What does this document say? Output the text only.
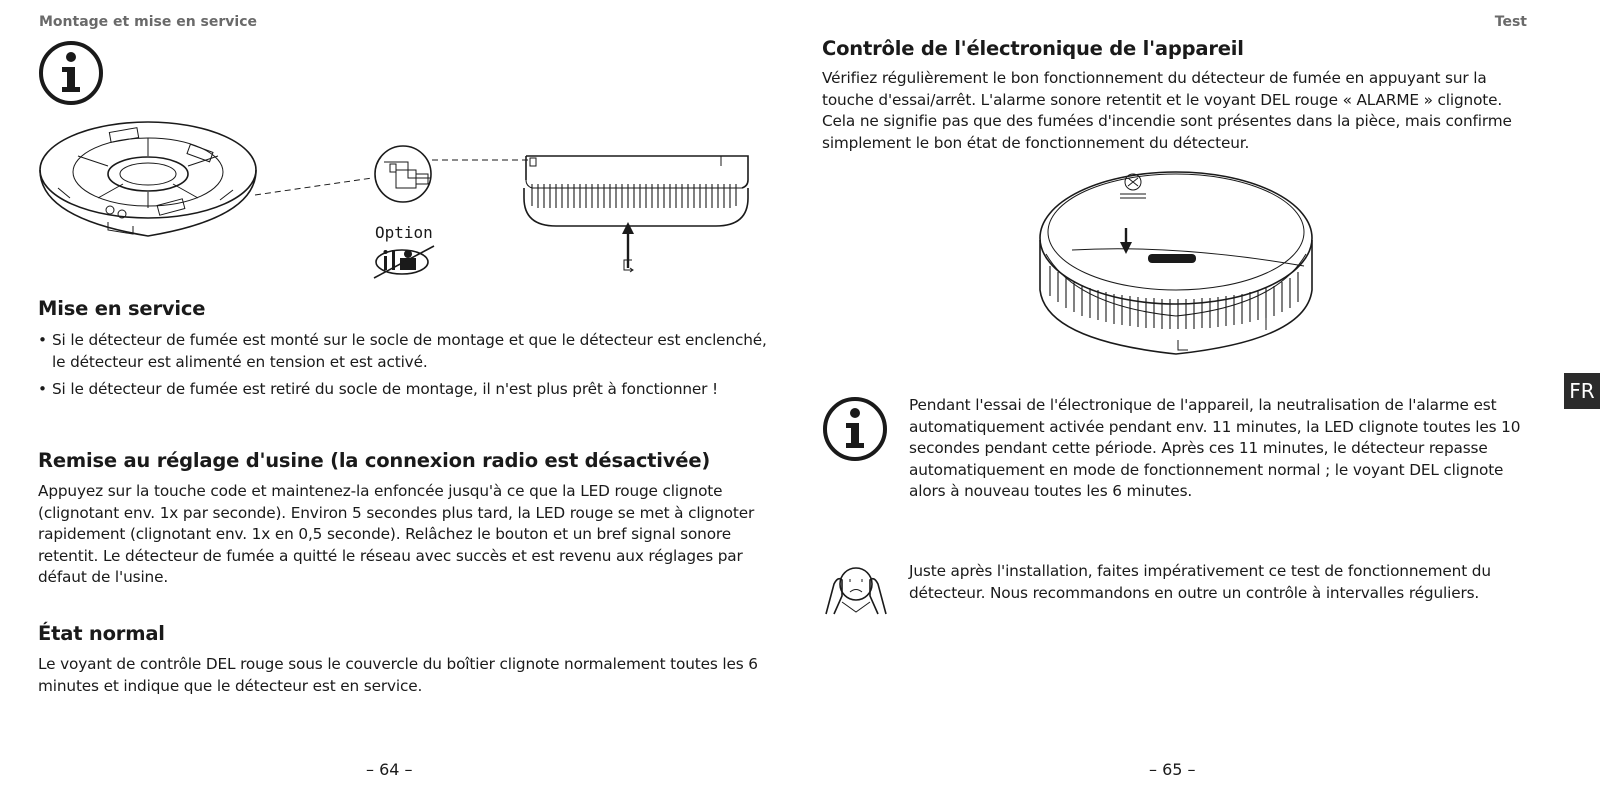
Montage et mise en service
Option
Mise en service
• Si le détecteur de fumée est monté sur le socle de montage et que le détecteur est enclenché, le détecteur est alimenté en tension et est activé.
• Si le détecteur de fumée est retiré du socle de montage, il n'est plus prêt à fonctionner !
Remise au réglage d'usine (la connexion radio est désactivée)

Appuyez sur la touche code et maintenez-la enfoncée jusqu'à ce que la LED rouge clignote (clignotant env. 1x par seconde). Environ 5 secondes plus tard, la LED rouge se met à clignoter rapidement (clignotant env. 1x en 0,5 seconde). Relâchez le bouton et un bref signal sonore retentit. Le détecteur de fumée a quitté le réseau avec succès et est revenu aux réglages par défaut de l'usine.

État normal

Le voyant de contrôle DEL rouge sous le couvercle du boîtier clignote normalement toutes les 6 minutes et indique que le détecteur est en service.

– 64 –
Test
Contrôle de l'électronique de l'appareil

Vérifiez régulièrement le bon fonctionnement du détecteur de fumée en appuyant sur la touche d'essai/arrêt. L'alarme sonore retentit et le voyant DEL rouge « ALARME » clignote. Cela ne signifie pas que des fumées d'incendie sont présentes dans la pièce, mais confirme simplement le bon état de fonctionnement du détecteur.

Pendant l'essai de l'électronique de l'appareil, la neutralisation de l'alarme est automatiquement activée pendant env. 11 minutes, la LED clignote toutes les 10 secondes pendant cette période. Après ces 11 minutes, le détecteur repasse automatiquement en mode de fonctionnement normal ; le voyant DEL clignote alors à nouveau toutes les 6 minutes.

Juste après l'installation, faites impérativement ce test de fonctionnement du détecteur. Nous recommandons en outre un contrôle à intervalles réguliers.

– 65 –
FR
